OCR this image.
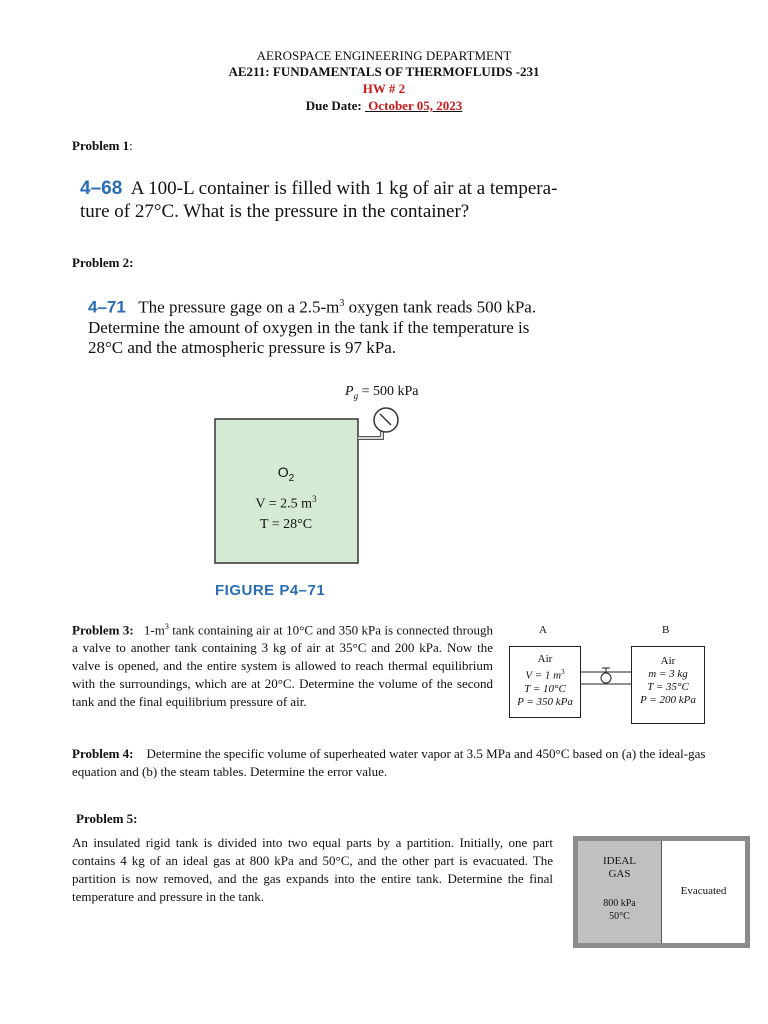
AEROSPACE ENGINEERING DEPARTMENT
AE211: FUNDAMENTALS OF THERMOFLUIDS -231
HW # 2
Due Date: October 05, 2023
Problem 1:
4–68 A 100-L container is filled with 1 kg of air at a tempera-
ture of 27°C. What is the pressure in the container?
Problem 2:
4–71 The pressure gage on a $2.5-m^3$ oxygen tank reads 500 kPa.
Determine the amount of oxygen in the tank if the temperature is
28°C and the atmospheric pressure is 97 kPa.
$P_g = 500$ kPa
$O_2$
V = 2.5 $m^3$
T = 28°C
FIGURE P4–71
Problem 3: $1-m^3$ tank containing air at 10°C and 350 kPa is connected through a valve to another tank containing 3 kg of air at 35°C and 200 kPa. Now the valve is opened, and the entire system is allowed to reach thermal equilibrium with the surroundings, which are at 20°C. Determine the volume of the second tank and the final equilibrium pressure of air.
A	B
Air
V = 1 $m^3$
T = 10°C
P = 350 kPa
Air
m = 3 kg
T = 35°C
P = 200 kPa
Problem 4: Determine the specific volume of superheated water vapor at 3.5 MPa and 450°C based on (a) the ideal-gas equation and (b) the steam tables. Determine the error value.
Problem 5:
An insulated rigid tank is divided into two equal parts by a partition. Initially, one part contains 4 kg of an ideal gas at 800 kPa and 50°C, and the other part is evacuated. The partition is now removed, and the gas expands into the entire tank. Determine the final temperature and pressure in the tank.
IDEAL
GAS
800 kPa
50°C
Evacuated
